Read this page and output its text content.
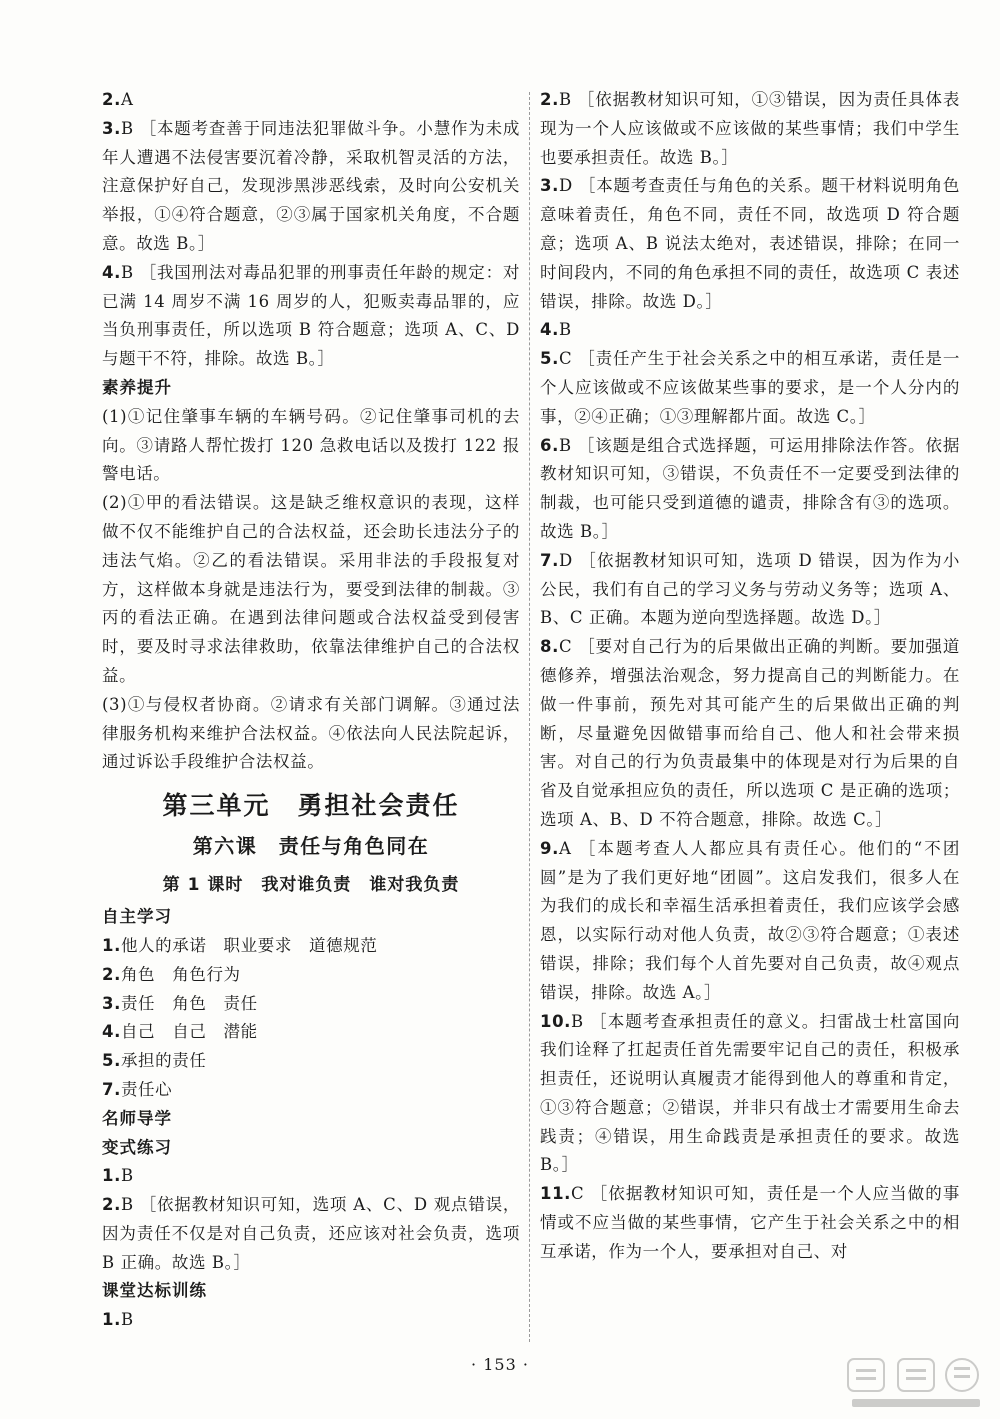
2.A

3.B ［本题考查善于同违法犯罪做斗争。小慧作为未成年人遭遇不法侵害要沉着冷静，采取机智灵活的方法，注意保护好自己，发现涉黑涉恶线索，及时向公安机关举报，①④符合题意，②③属于国家机关角度，不合题意。故选 B。］

4.B ［我国刑法对毒品犯罪的刑事责任年龄的规定：对已满 14 周岁不满 16 周岁的人，犯贩卖毒品罪的，应当负刑事责任，所以选项 B 符合题意；选项 A、C、D 与题干不符，排除。故选 B。］

素养提升

(1)①记住肇事车辆的车辆号码。②记住肇事司机的去向。③请路人帮忙拨打 120 急救电话以及拨打 122 报警电话。

(2)①甲的看法错误。这是缺乏维权意识的表现，这样做不仅不能维护自己的合法权益，还会助长违法分子的违法气焰。②乙的看法错误。采用非法的手段报复对方，这样做本身就是违法行为，要受到法律的制裁。③丙的看法正确。在遇到法律问题或合法权益受到侵害时，要及时寻求法律救助，依靠法律维护自己的合法权益。

(3)①与侵权者协商。②请求有关部门调解。③通过法律服务机构来维护合法权益。④依法向人民法院起诉，通过诉讼手段维护合法权益。

第三单元　勇担社会责任
第六课　责任与角色同在
第 1 课时　我对谁负责　谁对我负责

自主学习

1.他人的承诺　职业要求　道德规范

2.角色　角色行为

3.责任　角色　责任

4.自己　自己　潜能

5.承担的责任

7.责任心

名师导学

变式练习

1.B

2.B ［依据教材知识可知，选项 A、C、D 观点错误，因为责任不仅是对自己负责，还应该对社会负责，选项 B 正确。故选 B。］

课堂达标训练

1.B

2.B ［依据教材知识可知，①③错误，因为责任具体表现为一个人应该做或不应该做的某些事情；我们中学生也要承担责任。故选 B。］

3.D ［本题考查责任与角色的关系。题干材料说明角色意味着责任，角色不同，责任不同，故选项 D 符合题意；选项 A、B 说法太绝对，表述错误，排除；在同一时间段内，不同的角色承担不同的责任，故选项 C 表述错误，排除。故选 D。］

4.B

5.C ［责任产生于社会关系之中的相互承诺，责任是一个人应该做或不应该做某些事的要求，是一个人分内的事，②④正确；①③理解都片面。故选 C。］

6.B ［该题是组合式选择题，可运用排除法作答。依据教材知识可知，③错误，不负责任不一定要受到法律的制裁，也可能只受到道德的谴责，排除含有③的选项。故选 B。］

7.D ［依据教材知识可知，选项 D 错误，因为作为小公民，我们有自己的学习义务与劳动义务等；选项 A、B、C 正确。本题为逆向型选择题。故选 D。］

8.C ［要对自己行为的后果做出正确的判断。要加强道德修养，增强法治观念，努力提高自己的判断能力。在做一件事前，预先对其可能产生的后果做出正确的判断，尽量避免因做错事而给自己、他人和社会带来损害。对自己的行为负责最集中的体现是对行为后果的自省及自觉承担应负的责任，所以选项 C 是正确的选项；选项 A、B、D 不符合题意，排除。故选 C。］

9.A ［本题考查人人都应具有责任心。他们的“不团圆”是为了我们更好地“团圆”。这启发我们，很多人在为我们的成长和幸福生活承担着责任，我们应该学会感恩，以实际行动对他人负责，故②③符合题意；①表述错误，排除；我们每个人首先要对自己负责，故④观点错误，排除。故选 A。］

10.B ［本题考查承担责任的意义。扫雷战士杜富国向我们诠释了扛起责任首先需要牢记自己的责任，积极承担责任，还说明认真履责才能得到他人的尊重和肯定，①③符合题意；②错误，并非只有战士才需要用生命去践责；④错误，用生命践责是承担责任的要求。故选 B。］

11.C ［依据教材知识可知，责任是一个人应当做的事情或不应当做的某些事情，它产生于社会关系之中的相互承诺，作为一个人，要承担对自己、对

· 153 ·
